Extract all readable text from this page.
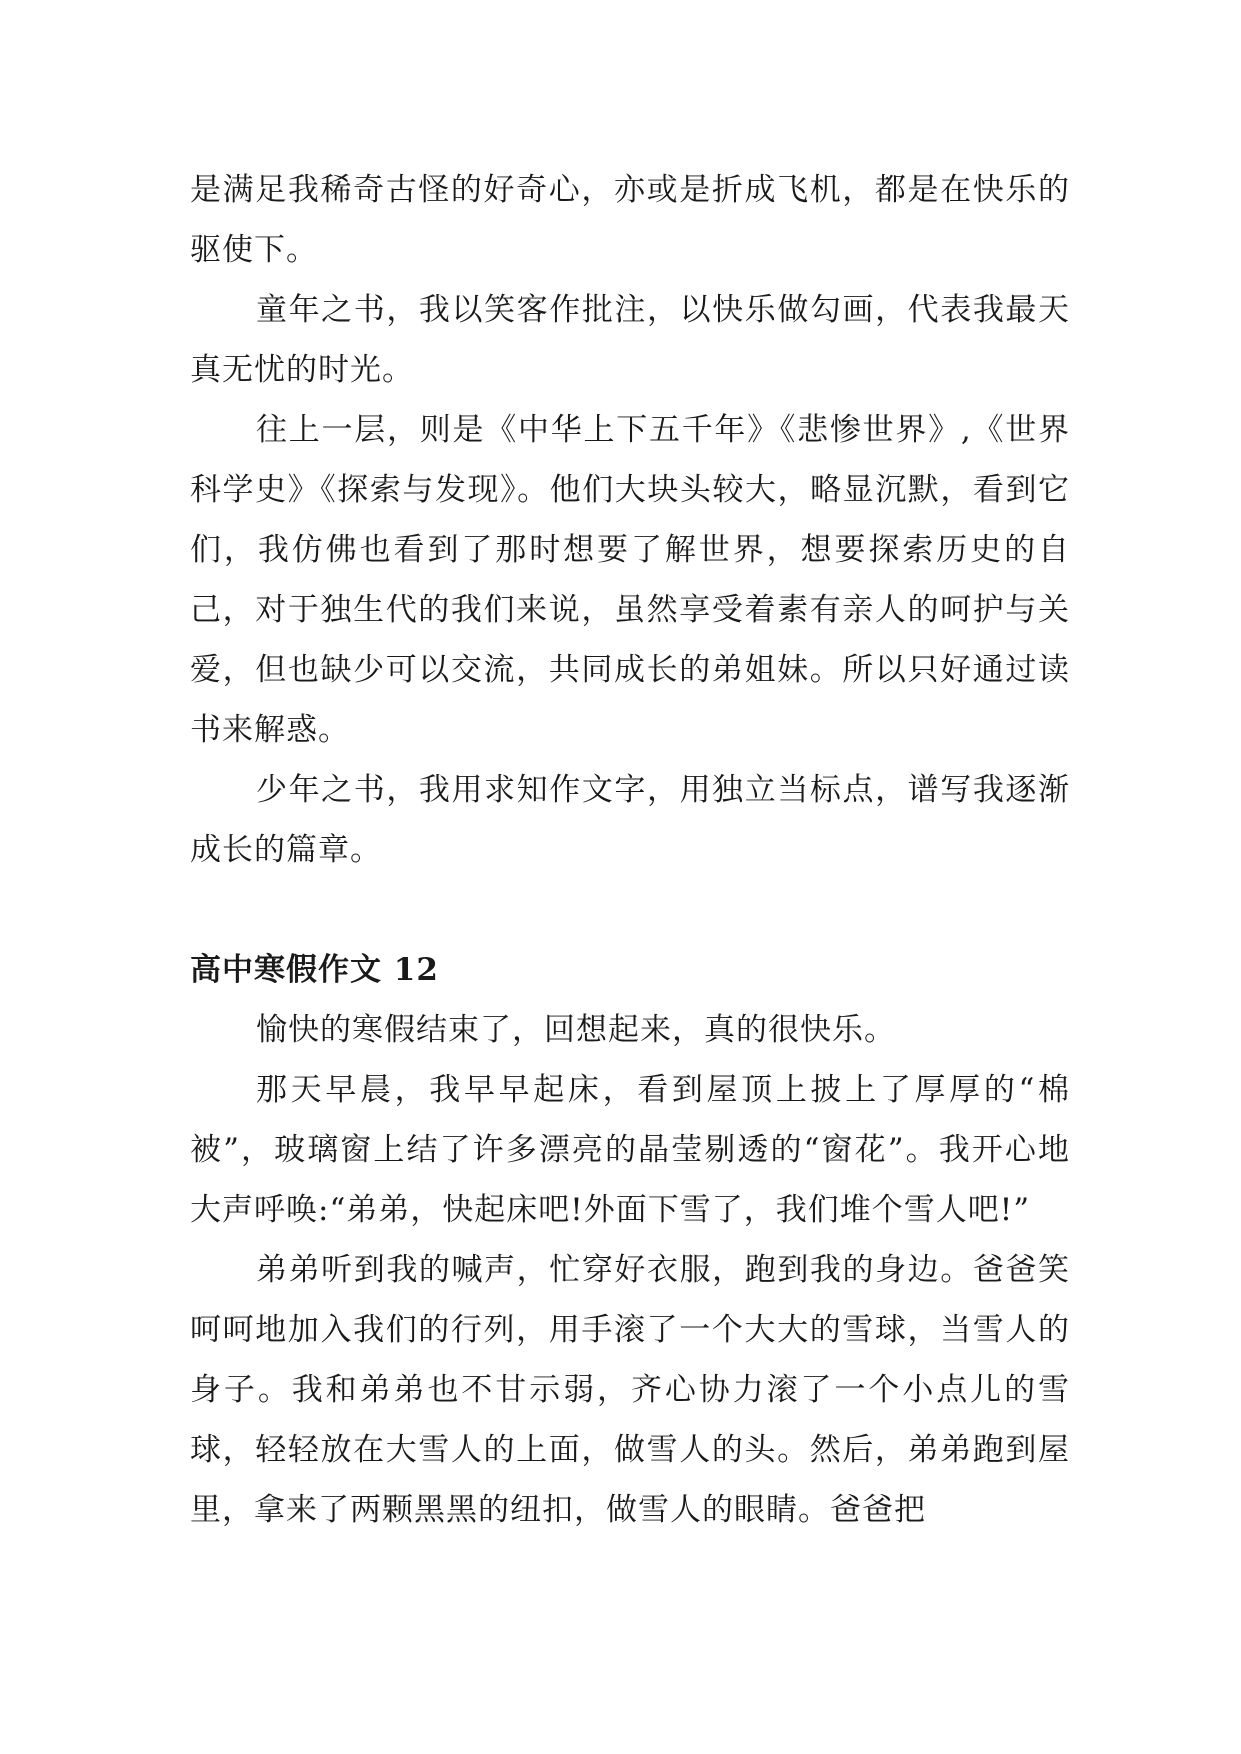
是满足我稀奇古怪的好奇心，亦或是折成飞机，都是在快乐的驱使下。

童年之书，我以笑客作批注，以快乐做勾画，代表我最天真无忧的时光。

往上一层，则是《中华上下五千年》《悲惨世界》,《世界科学史》《探索与发现》。他们大块头较大，略显沉默，看到它们，我仿佛也看到了那时想要了解世界，想要探索历史的自己，对于独生代的我们来说，虽然享受着素有亲人的呵护与关爱，但也缺少可以交流，共同成长的弟姐妹。所以只好通过读书来解惑。

少年之书，我用求知作文字，用独立当标点，谱写我逐渐成长的篇章。

高中寒假作文 12

愉快的寒假结束了，回想起来，真的很快乐。

那天早晨，我早早起床，看到屋顶上披上了厚厚的“棉被”，玻璃窗上结了许多漂亮的晶莹剔透的“窗花”。我开心地大声呼唤:“弟弟，快起床吧!外面下雪了，我们堆个雪人吧!”

弟弟听到我的喊声，忙穿好衣服，跑到我的身边。爸爸笑呵呵地加入我们的行列，用手滚了一个大大的雪球，当雪人的身子。我和弟弟也不甘示弱，齐心协力滚了一个小点儿的雪球，轻轻放在大雪人的上面，做雪人的头。然后，弟弟跑到屋里，拿来了两颗黑黑的纽扣，做雪人的眼睛。爸爸把
